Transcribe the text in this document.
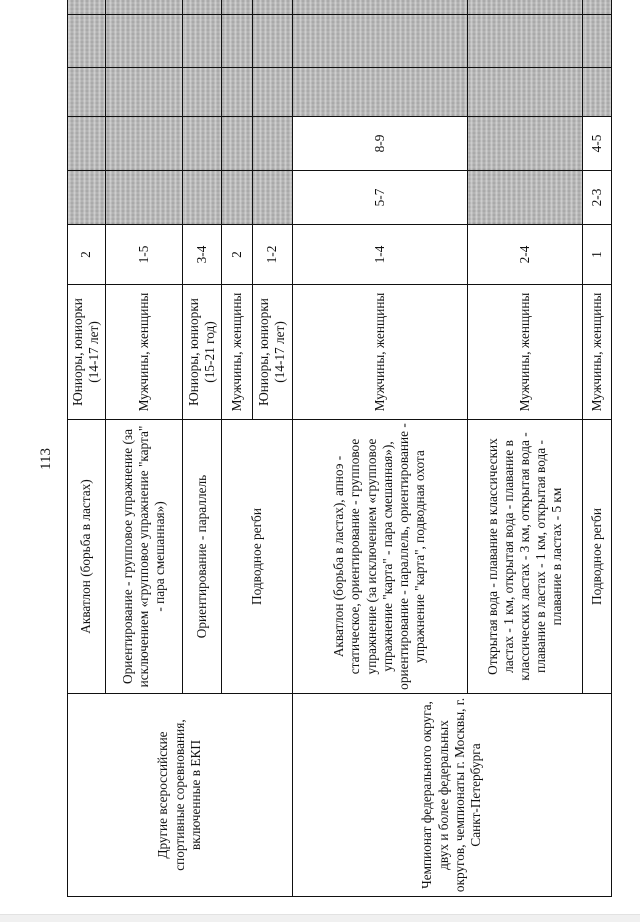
113
Другие всероссийские спортивные соревнования, включенные в ЕКП	Акватлон (борьба в ластах)	Юниоры, юниорки (14-17 лет)	2						

	Ориентирование - групповое упражнение (за исключением «групповое упражнение "карта" - пара смешанная»)	Мужчины, женщины	1-5						

	Ориентирование - параллель	Юниоры, юниорки (15-21 год)	3-4						

	Подводное регби	Мужчины, женщины	2						

		Юниоры, юниорки (14-17 лет)	1-2						

Чемпионат федерального округа, двух и более федеральных округов, чемпионаты г. Москвы, г. Санкт-Петербурга	Акватлон (борьба в ластах), апноэ - статическое, ориентирование - групповое упражнение (за исключением «групповое упражнение "карта" - пара смешанная»), ориентирование - параллель, ориентирование - упражнение "карта", подводная охота	Мужчины, женщины	1-4	5-7	8-9				

	Открытая вода - плавание в классических ластах - 1 км, открытая вода - плавание в классических ластах - 3 км, открытая вода - плавание в ластах - 1 км, открытая вода - плавание в ластах - 5 км	Мужчины, женщины	2-4						

	Подводное регби	Мужчины, женщины	1	2-3	4-5				
